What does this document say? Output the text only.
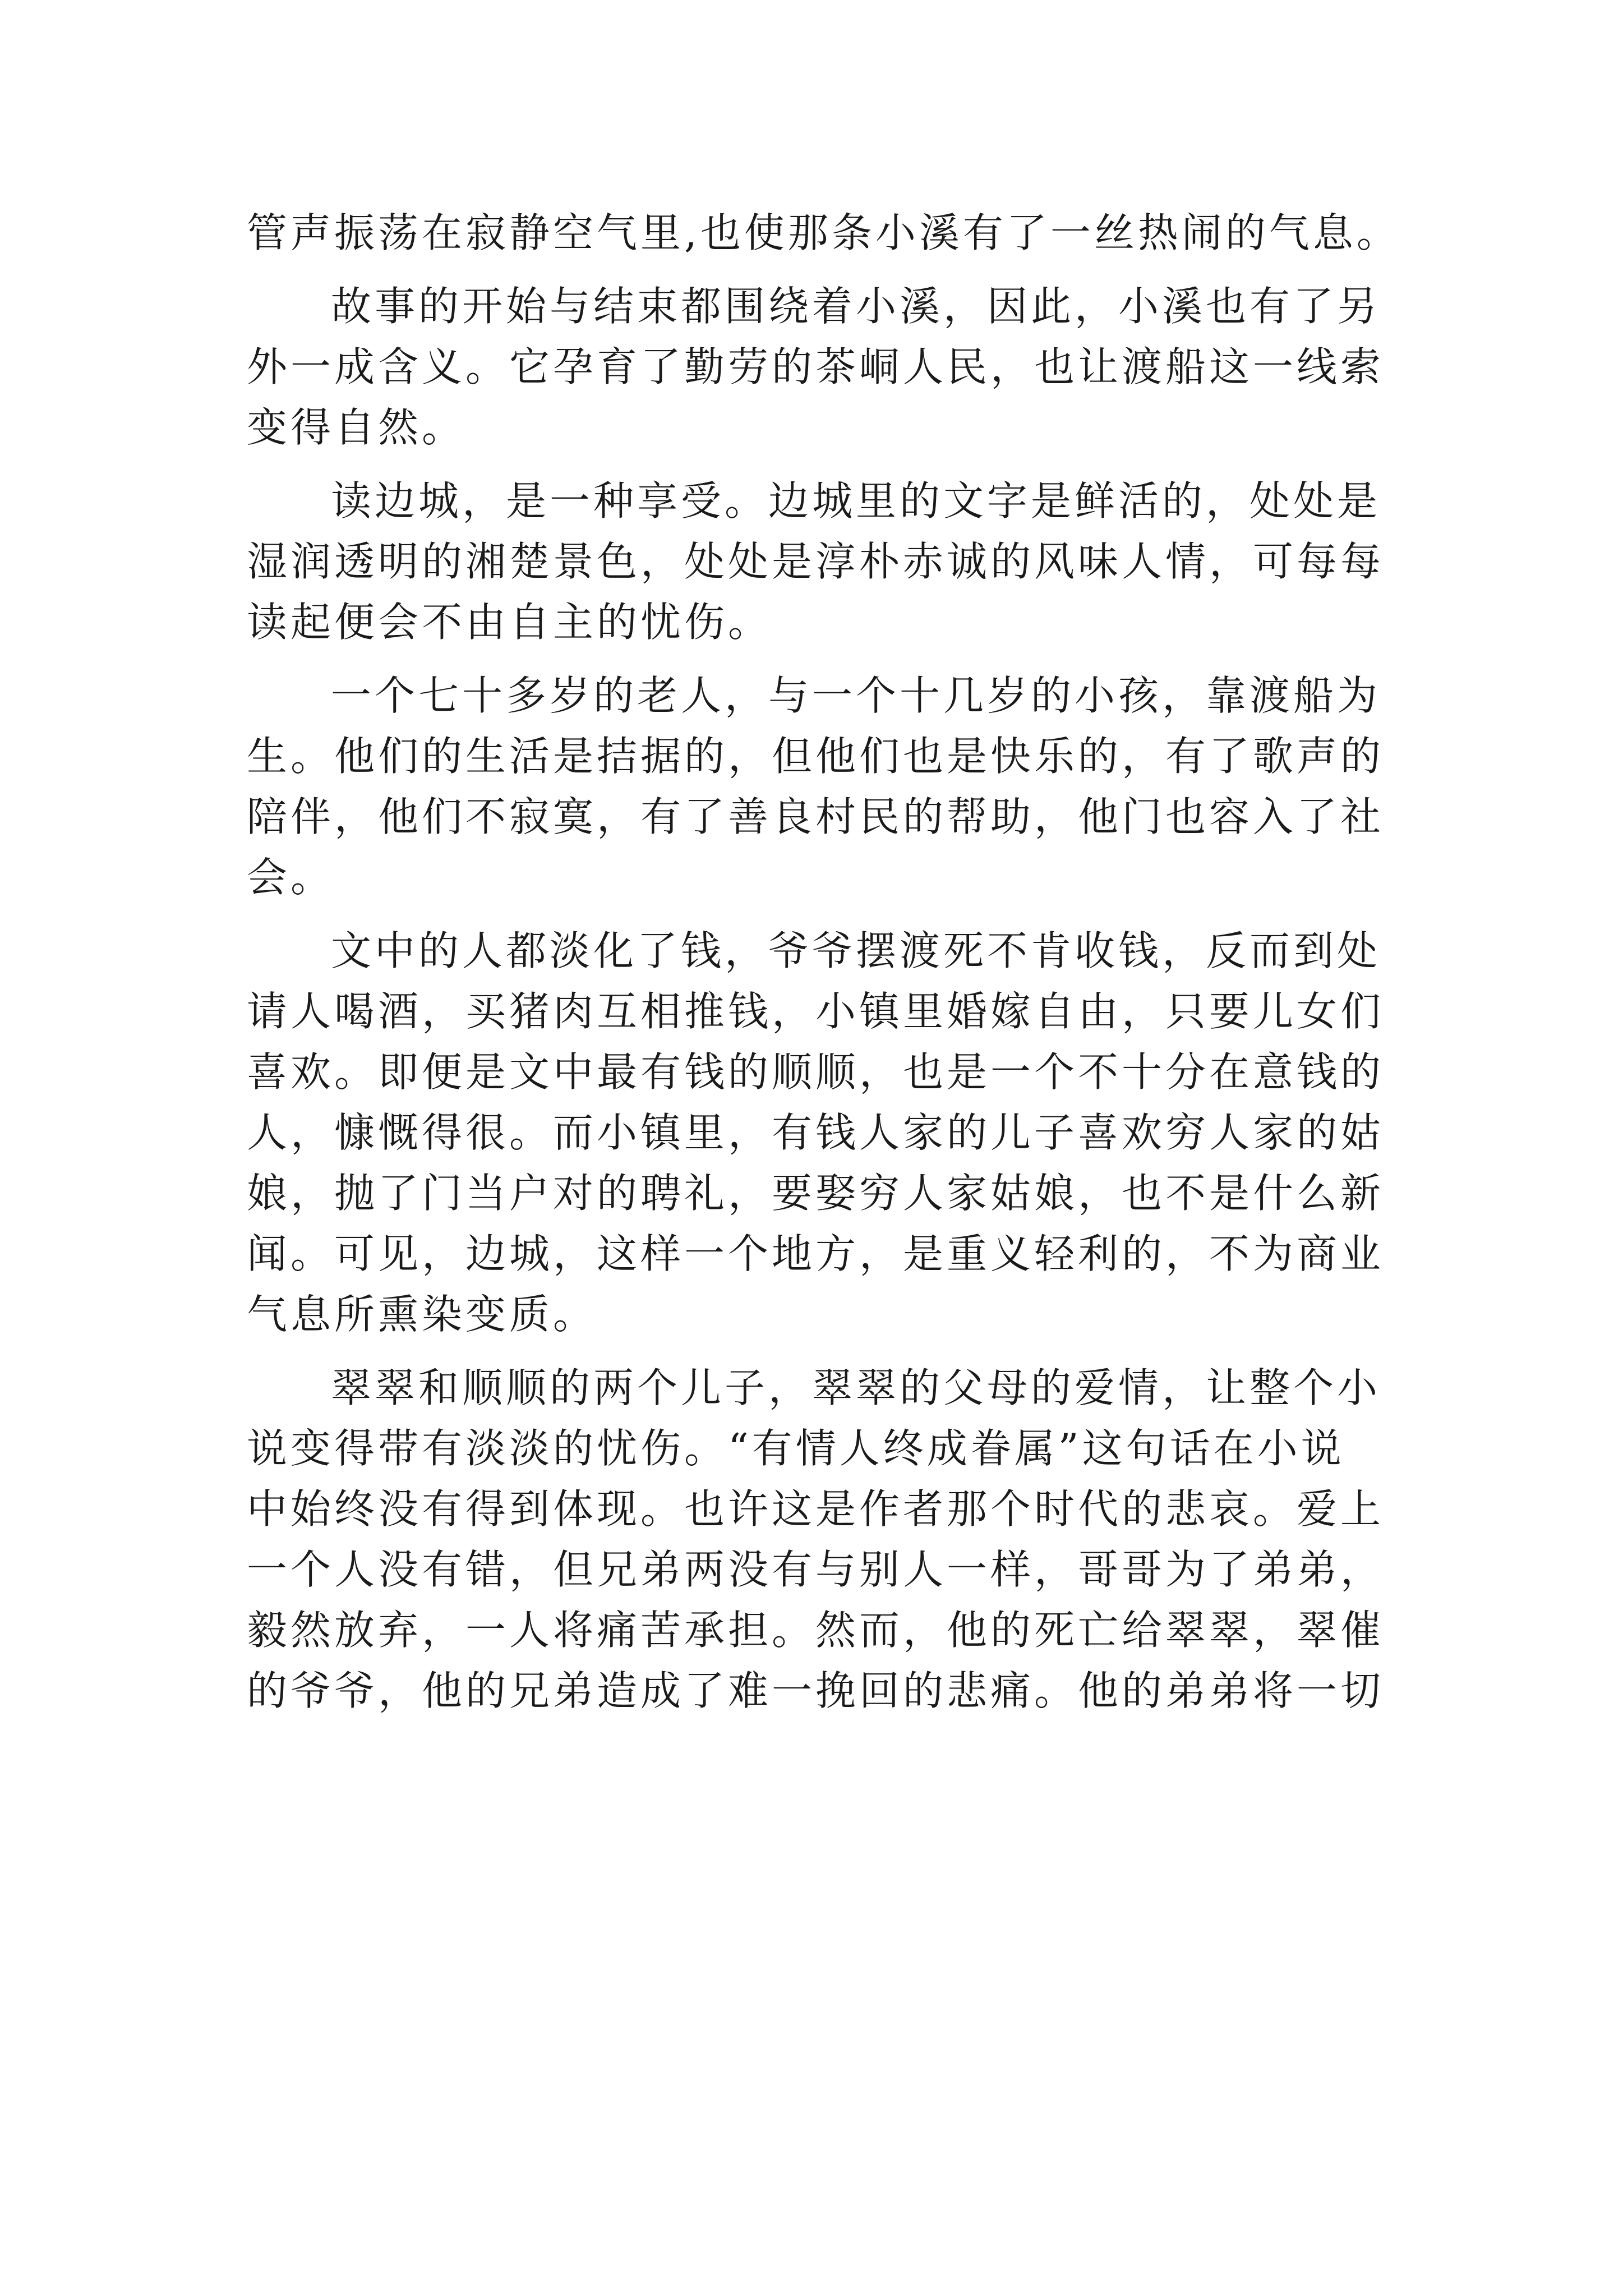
管声振荡在寂静空气里,也使那条小溪有了一丝热闹的气息。
故事的开始与结束都围绕着小溪，因此，小溪也有了另
外一成含义。它孕育了勤劳的茶峒人民，也让渡船这一线索
变得自然。
读边城，是一种享受。边城里的文字是鲜活的，处处是
湿润透明的湘楚景色，处处是淳朴赤诚的风味人情，可每每
读起便会不由自主的忧伤。
一个七十多岁的老人，与一个十几岁的小孩，靠渡船为
生。他们的生活是拮据的，但他们也是快乐的，有了歌声的
陪伴，他们不寂寞，有了善良村民的帮助，他门也容入了社
会。
文中的人都淡化了钱，爷爷摆渡死不肯收钱，反而到处
请人喝酒，买猪肉互相推钱，小镇里婚嫁自由，只要儿女们
喜欢。即便是文中最有钱的顺顺，也是一个不十分在意钱的
人，慷慨得很。而小镇里，有钱人家的儿子喜欢穷人家的姑
娘，抛了门当户对的聘礼，要娶穷人家姑娘，也不是什么新
闻。可见，边城，这样一个地方，是重义轻利的，不为商业
气息所熏染变质。
翠翠和顺顺的两个儿子，翠翠的父母的爱情，让整个小
说变得带有淡淡的忧伤。“有情人终成眷属”这句话在小说
中始终没有得到体现。也许这是作者那个时代的悲哀。爱上
一个人没有错，但兄弟两没有与别人一样，哥哥为了弟弟，
毅然放弃，一人将痛苦承担。然而，他的死亡给翠翠，翠催
的爷爷，他的兄弟造成了难一挽回的悲痛。他的弟弟将一切
